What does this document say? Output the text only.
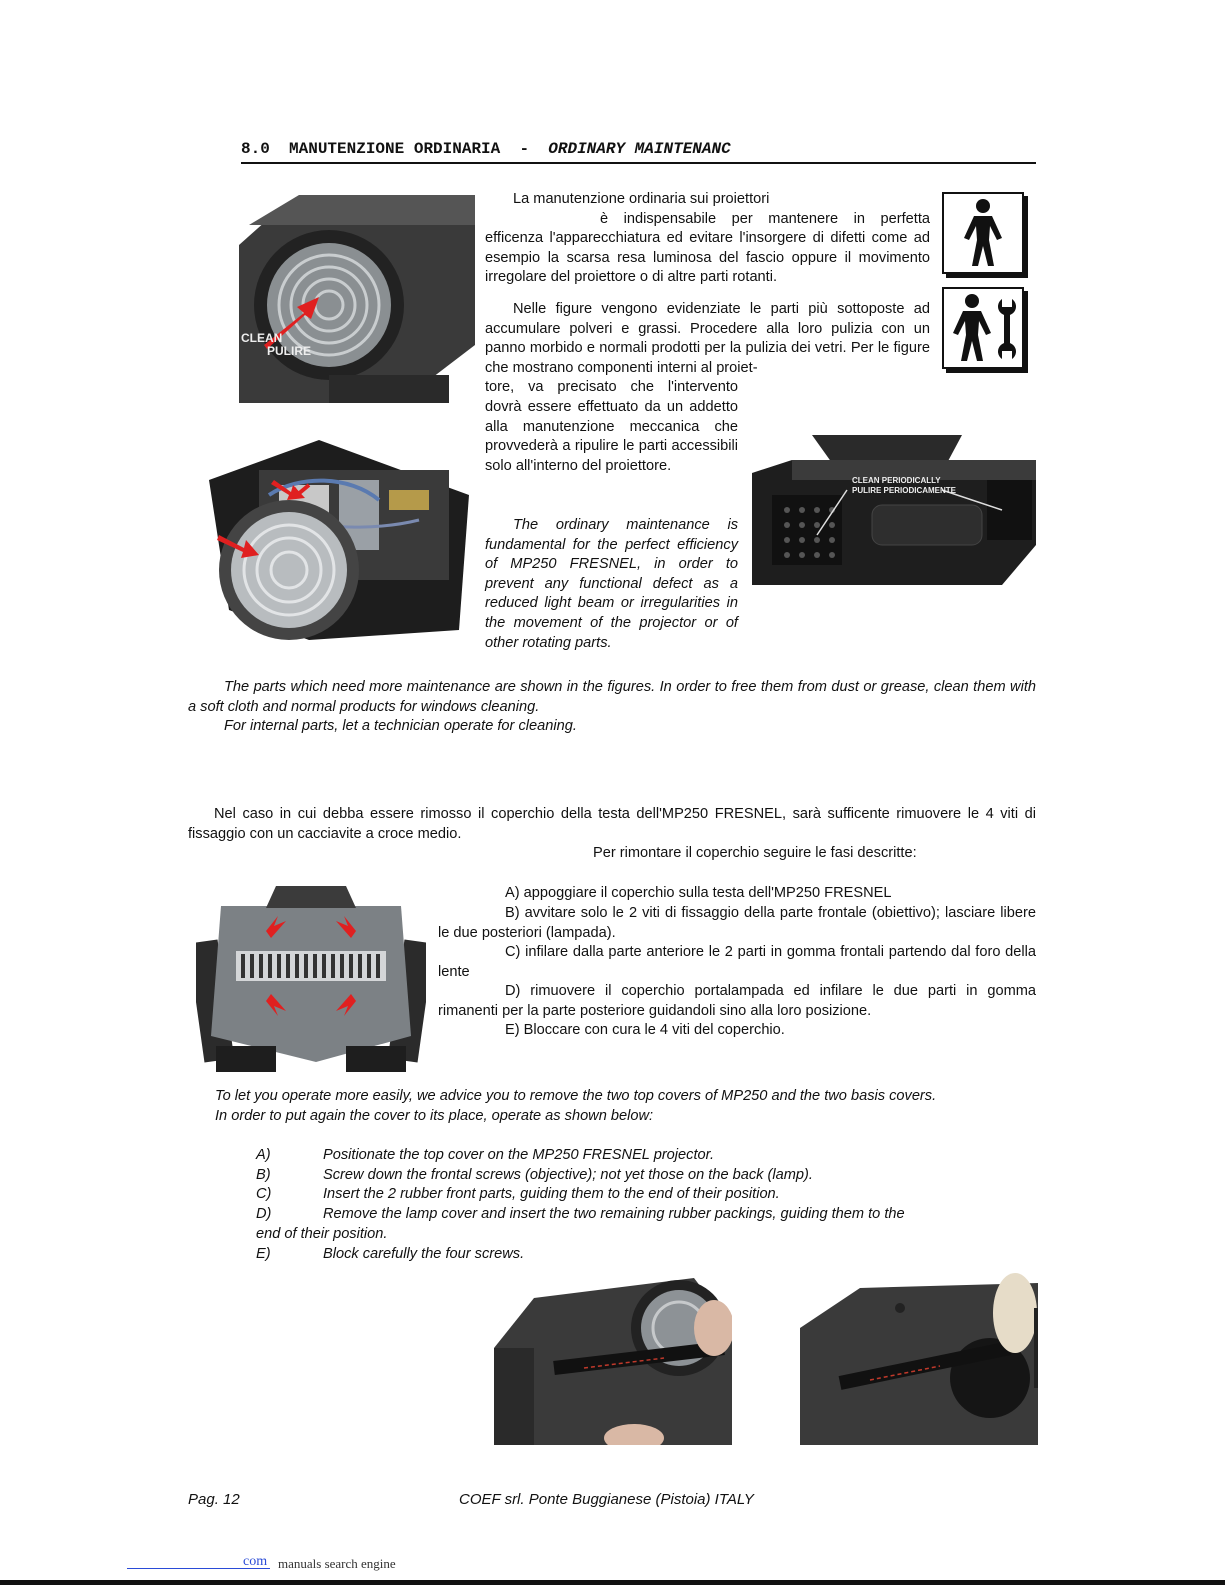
8.0 MANUTENZIONE ORDINARIA - ORDINARY MAINTENANC
CLEAN
PULIRE

La manutenzione ordinaria sui proiettori

è indispensabile per mantenere in perfetta efficenza l'apparecchiatura ed evitare l'insorgere di difetti come ad esempio la scarsa resa luminosa del fascio oppure il movimento irregolare del proiettore o di altre parti rotanti.

Nelle figure vengono evidenziate le parti più sottoposte ad accumulare polveri e grassi. Procedere alla loro pulizia con un panno morbido e normali prodotti per la pulizia dei vetri. Per le figure che mostrano componenti interni al proiet-

tore, va precisato che l'intervento dovrà essere effettuato da un addetto alla manutenzione meccanica che provvederà a ripulire le parti accessibili solo all'interno del proiettore.

CLEAN PERIODICALLY
PULIRE PERIODICAMENTE

The ordinary maintenance is fundamental for the perfect efficiency of MP250 FRESNEL, in order to prevent any functional defect as a reduced light beam or irregularities in the movement of the projector or of other rotating parts.

The parts which need more maintenance are shown in the figures. In order to free them from dust or grease, clean them with a soft cloth and normal products for windows cleaning.

For internal parts, let a technician operate for cleaning.

Nel caso in cui debba essere rimosso il coperchio della testa dell'MP250 FRESNEL, sarà sufficente rimuovere le 4 viti di fissaggio con un cacciavite a croce medio.

Per rimontare il coperchio seguire le fasi descritte:

A) appoggiare il coperchio sulla testa dell'MP250 FRESNEL

B) avvitare solo le 2 viti di fissaggio della parte frontale (obiettivo); lasciare libere le due posteriori (lampada).

C) infilare dalla parte anteriore le 2 parti in gomma frontali partendo dal foro della lente

D) rimuovere il coperchio portalampada ed infilare le due parti in gomma rimanenti per la parte posteriore guidandoli sino alla loro posizione.

E) Bloccare con cura le 4 viti del coperchio.

To let you operate more easily, we advice you to remove the two top covers of MP250 and the two basis covers.

In order to put again the cover to its place, operate as shown below:

A)	Positionate the top cover on the MP250 FRESNEL projector.
B)	Screw down the frontal screws (objective); not yet those on the back (lamp).
C)	Insert the 2 rubber front parts, guiding them to the end of their position.
D)	Remove the lamp cover and insert the two remaining rubber packings, guiding them to the
end of their position.
E)	Block carefully the four screws.
Pag. 12	COEF srl. Ponte Buggianese (Pistoia) ITALY
com manuals search engine
